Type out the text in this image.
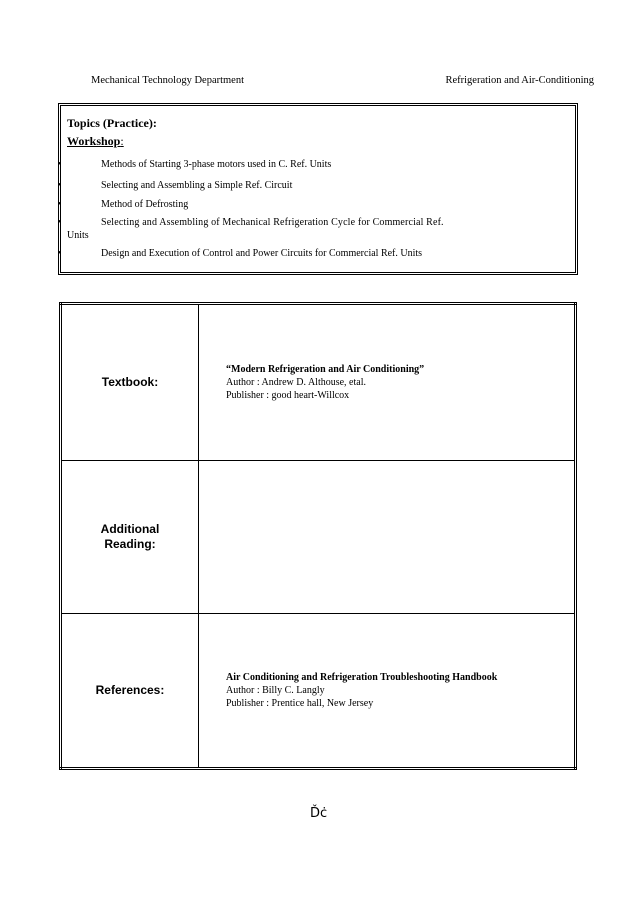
Mechanical Technology Department	Refrigeration and Air-Conditioning
Topics (Practice):
Workshop:
•	Methods of Starting 3-phase motors used in C. Ref. Units
•	Selecting and Assembling a Simple Ref. Circuit
•	Method of Defrosting
•	Selecting and Assembling of Mechanical Refrigeration Cycle for Commercial Ref.
Units
•	Design and Execution of Control and Power Circuits for Commercial Ref. Units
Textbook:	“Modern Refrigeration and Air Conditioning”
Author : Andrew D. Althouse, etal.
Publisher : good heart-Willcox

Additional
Reading:	

References:	Air Conditioning and Refrigeration Troubleshooting Handbook
Author : Billy C. Langly
Publisher : Prentice hall, New Jersey
Ďċ
